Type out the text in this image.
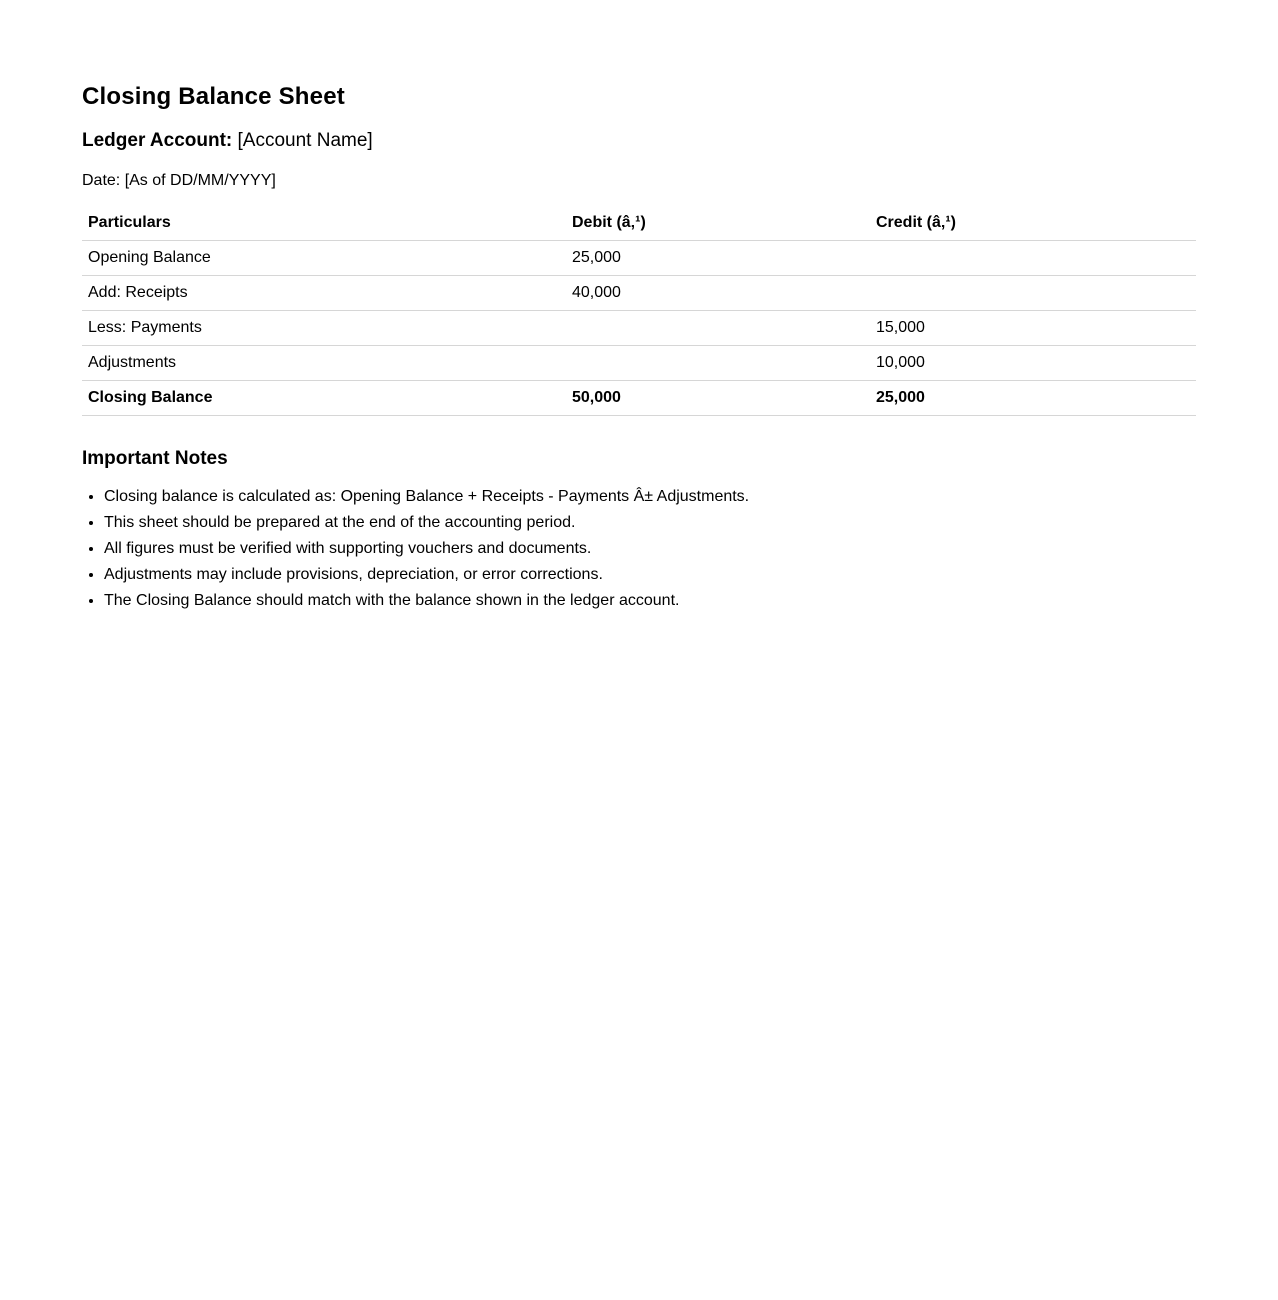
Closing Balance Sheet

Ledger Account: [Account Name]

Date: [As of DD/MM/YYYY]

Particulars	Debit (â‚¹)	Credit (â‚¹)
Opening Balance	25,000	
Add: Receipts	40,000	
Less: Payments		15,000
Adjustments		10,000
Closing Balance	50,000	25,000
Important Notes
• Closing balance is calculated as: Opening Balance + Receipts - Payments Â± Adjustments.
• This sheet should be prepared at the end of the accounting period.
• All figures must be verified with supporting vouchers and documents.
• Adjustments may include provisions, depreciation, or error corrections.
• The Closing Balance should match with the balance shown in the ledger account.
